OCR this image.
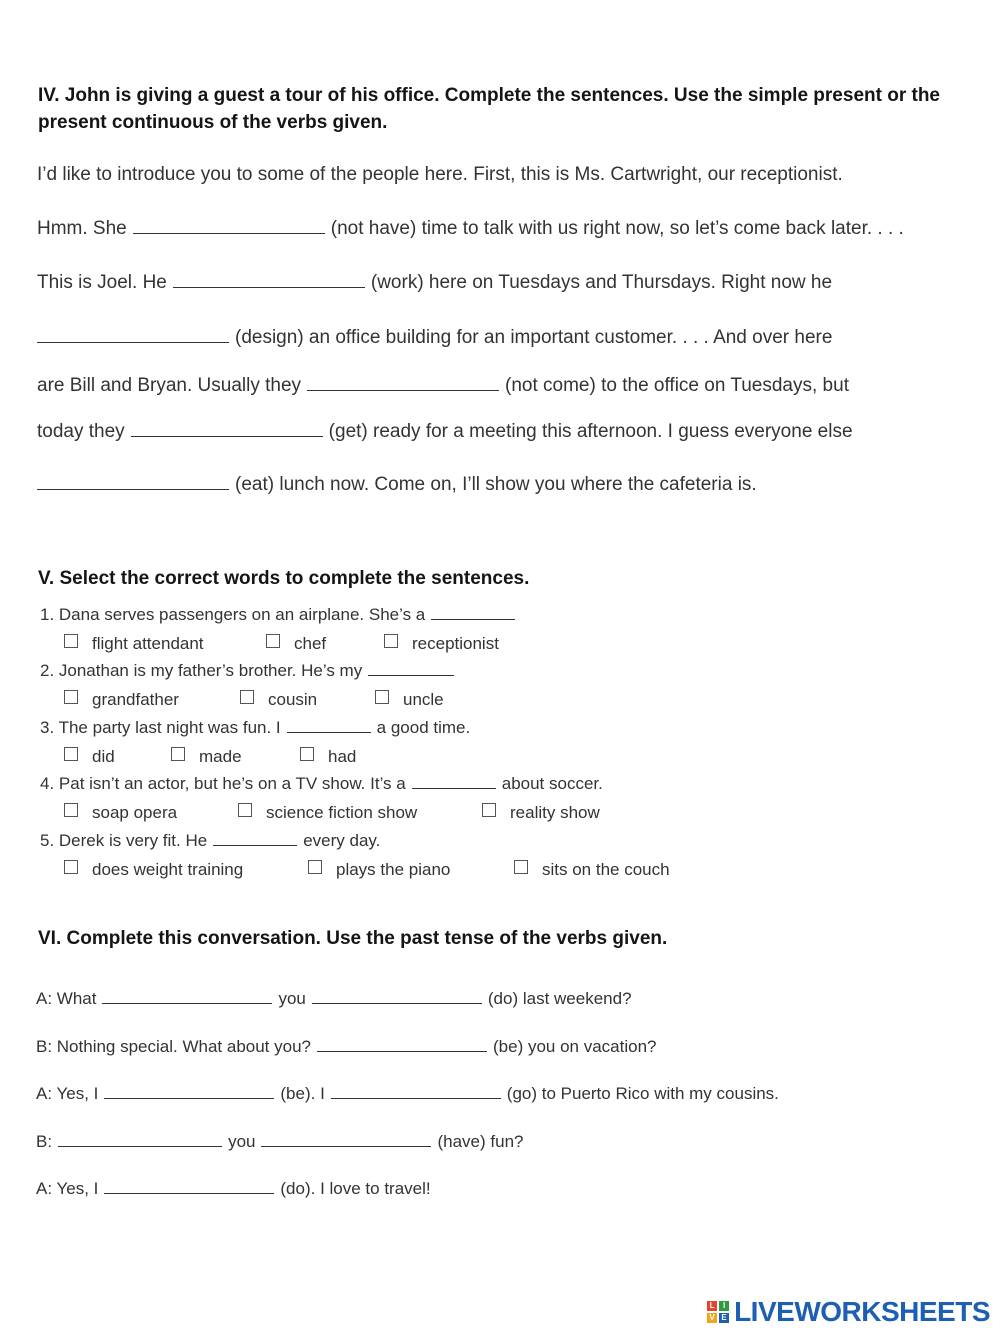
IV. John is giving a guest a tour of his office. Complete the sentences. Use the simple present or the
present continuous of the verbs given.
I’d like to introduce you to some of the people here. First, this is Ms. Cartwright, our receptionist.
Hmm. She	(not have) time to talk with us right now, so let’s come back later. . . .
This is Joel. He	(work) here on Tuesdays and Thursdays. Right now he
(design) an office building for an important customer. . . . And over here
are Bill and Bryan. Usually they	(not come) to the office on Tuesdays, but
today they	(get) ready for a meeting this afternoon. I guess everyone else
(eat) lunch now. Come on, I’ll show you where the cafeteria is.
V. Select the correct words to complete the sentences.
1. Dana serves passengers on an airplane. She’s a
flight attendant	chef	receptionist
2. Jonathan is my father’s brother. He’s my
grandfather	cousin	uncle
3. The party last night was fun. I	a good time.
did	made	had
4. Pat isn’t an actor, but he’s on a TV show. It’s a	about soccer.
soap opera	science fiction show	reality show
5. Derek is very fit. He	every day.
does weight training	plays the piano	sits on the couch
VI. Complete this conversation. Use the past tense of the verbs given.
A: What	you	(do) last weekend?
B: Nothing special. What about you?	(be) you on vacation?
A: Yes, I	(be). I	(go) to Puerto Rico with my cousins.
B:	you	(have) fun?
A: Yes, I	(do). I love to travel!
L	I
V E LIVEWORKSHEETS
